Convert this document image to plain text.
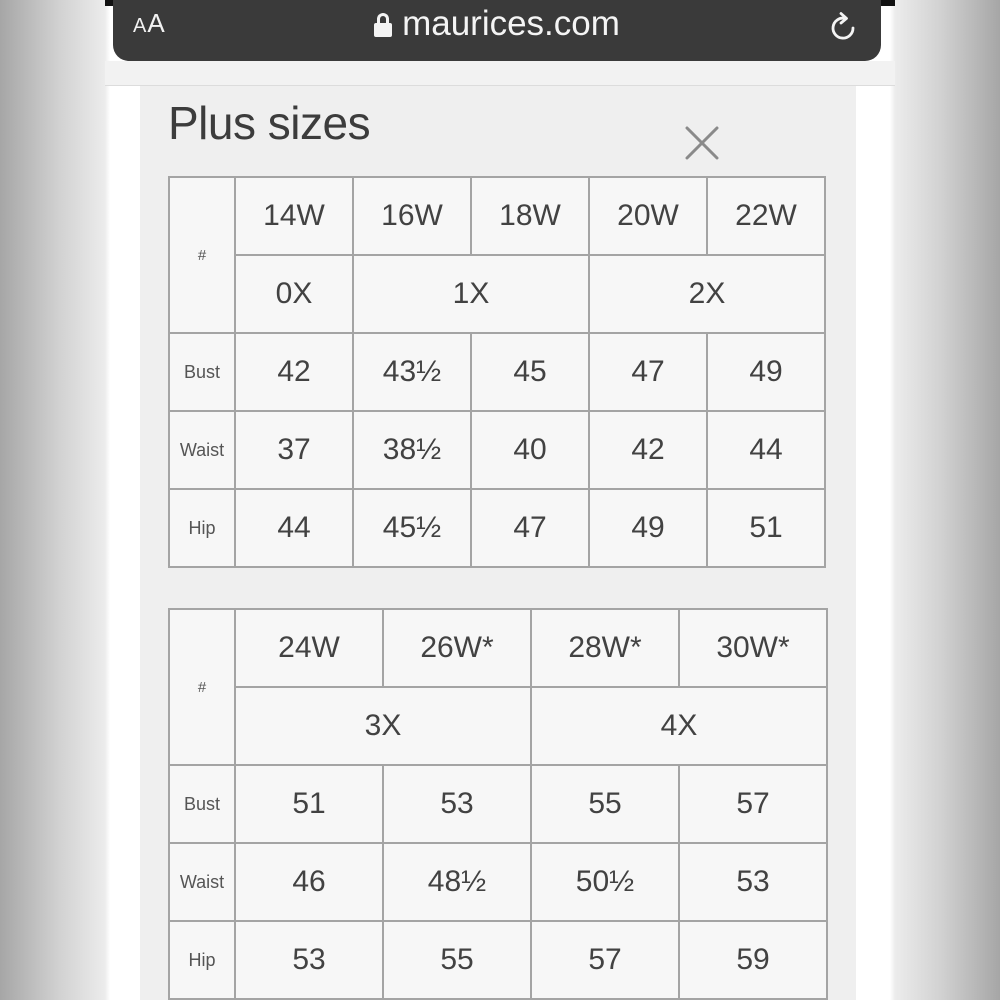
AA	maurices.com
Plus sizes
#	14W	16W	18W	20W	22W
	0X	1X		2X	
Bust	42	43½	45	47	49
Waist	37	38½	40	42	44
Hip	44	45½	47	49	51
#	24W	26W*	28W*	30W*
	3X		4X	
Bust	51	53	55	57
Waist	46	48½	50½	53
Hip	53	55	57	59
